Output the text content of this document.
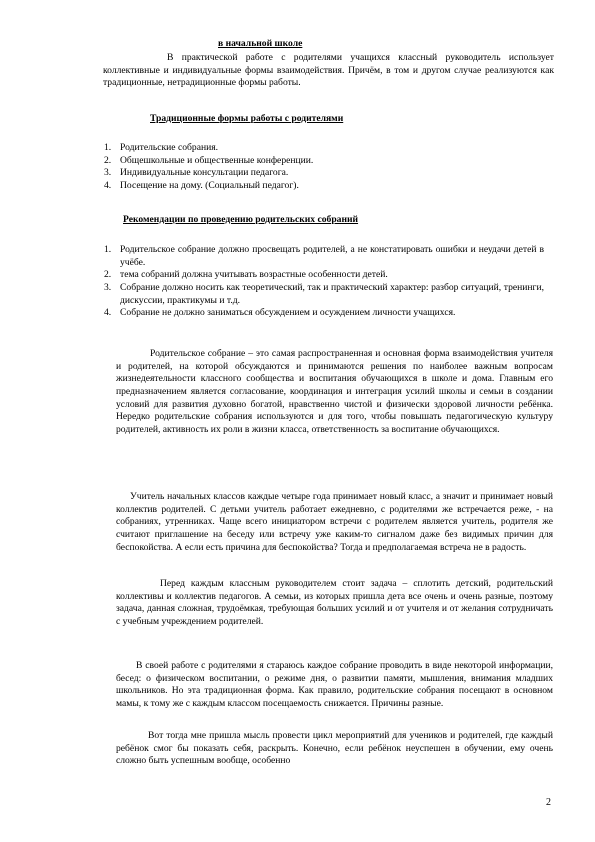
в начальной школе
В практической работе с родителями учащихся классный руководитель использует коллективные и индивидуальные формы взаимодействия. Причём, в том и другом случае реализуются как традиционные, нетрадиционные формы работы.
Традиционные формы работы с родителями
1. Родительские собрания.
2. Общешкольные и общественные конференции.
3. Индивидуальные консультации педагога.
4. Посещение на дому. (Социальный педагог).
Рекомендации по проведению родительских собраний
1. Родительское собрание должно просвещать родителей, а не констатировать ошибки и неудачи детей в учёбе.
2. тема собраний должна учитывать возрастные особенности детей.
3. Собрание должно носить как теоретический, так и практический характер: разбор ситуаций, тренинги, дискуссии, практикумы и т.д.
4. Собрание не должно заниматься обсуждением и осуждением личности учащихся.
Родительское собрание – это самая распространенная и основная форма взаимодействия учителя и родителей, на которой обсуждаются и принимаются решения по наиболее важным вопросам жизнедеятельности классного сообщества и воспитания обучающихся в школе и дома. Главным его предназначением является согласование, координация и интеграция усилий школы и семьи в создании условий для развития духовно богатой, нравственно чистой и физически здоровой личности ребёнка. Нередко родительские собрания используются и для того, чтобы повышать педагогическую культуру родителей, активность их роли в жизни класса, ответственность за воспитание обучающихся.
Учитель начальных классов каждые четыре года принимает новый класс, а значит и принимает новый коллектив родителей. С детьми учитель работает ежедневно, с родителями же встречается реже, - на собраниях, утренниках. Чаще всего инициатором встречи с родителем является учитель, родителя же считают приглашение на беседу или встречу уже каким-то сигналом даже без видимых причин для беспокойства. А если есть причина для беспокойства? Тогда и предполагаемая встреча не в радость.
Перед каждым классным руководителем стоит задача – сплотить детский, родительский коллективы и коллектив педагогов. А семьи, из которых пришла дета все очень и очень разные, поэтому задача, данная сложная, трудоёмкая, требующая больших усилий и от учителя и от желания сотрудничать с учебным учреждением родителей.
В своей работе с родителями я стараюсь каждое собрание проводить в виде некоторой информации, бесед: о физическом воспитании, о режиме дня, о развитии памяти, мышления, внимания младших школьников. Но эта традиционная форма. Как правило, родительские собрания посещают в основном мамы, к тому же с каждым классом посещаемость снижается. Причины разные.
Вот тогда мне пришла мысль провести цикл мероприятий для учеников и родителей, где каждый ребёнок смог бы показать себя, раскрыть. Конечно, если ребёнок неуспешен в обучении, ему очень сложно быть успешным вообще, особенно
2
